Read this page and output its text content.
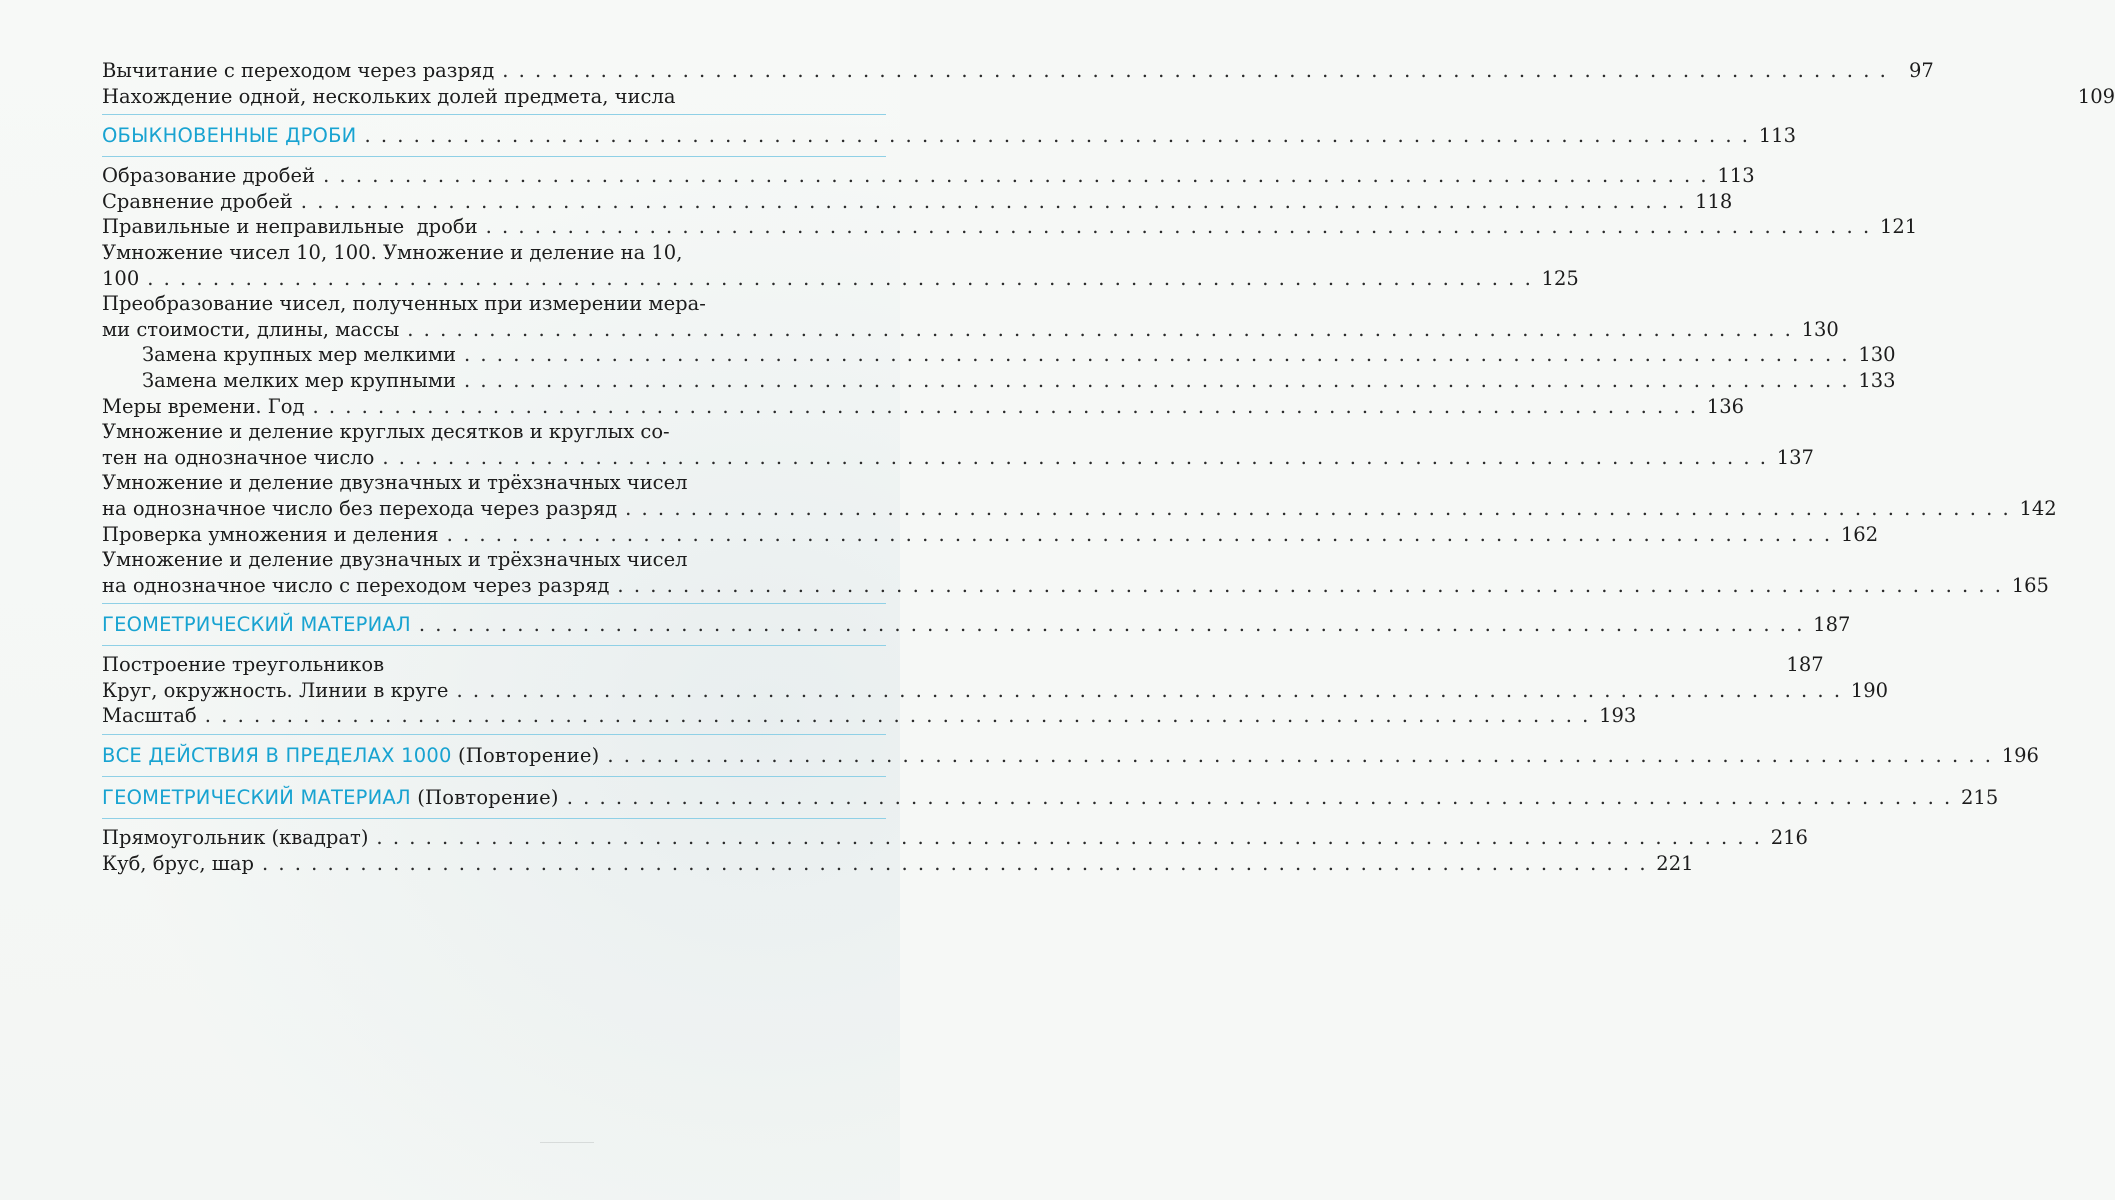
Вычитание с переходом через разряд . . .	97
Нахождение одной, нескольких долей предмета, числа	109
ОБЫКНОВЕННЫЕ ДРОБИ . . .	113
Образование дробей . . .	113
Сравнение дробей . . .	118
Правильные и неправильные  дроби . . .	121
Умножение чисел 10, 100. Умножение и деление на 10,
100 . . .	125
Преобразование чисел, полученных при измерении мера-
ми стоимости, длины, массы . . .	130
Замена крупных мер мелкими . . .	130
Замена мелких мер крупными . . .	133
Меры времени. Год . . .	136
Умножение и деление круглых десятков и круглых со-
тен на однозначное число . . .	137
Умножение и деление двузначных и трёхзначных чисел
на однозначное число без перехода через разряд . . .	142
Проверка умножения и деления . . .	162
Умножение и деление двузначных и трёхзначных чисел
на однозначное число с переходом через разряд . . .	165
ГЕОМЕТРИЧЕСКИЙ МАТЕРИАЛ . . .	187
Построение треугольников	187
Круг, окружность. Линии в круге . . .	190
Масштаб . . .	193
ВСЕ ДЕЙСТВИЯ В ПРЕДЕЛАХ 1000 (Повторение) . . .	196
ГЕОМЕТРИЧЕСКИЙ МАТЕРИАЛ (Повторение) . . .	215
Прямоугольник (квадрат) . . .	216
Куб, брус, шар . . .	221
